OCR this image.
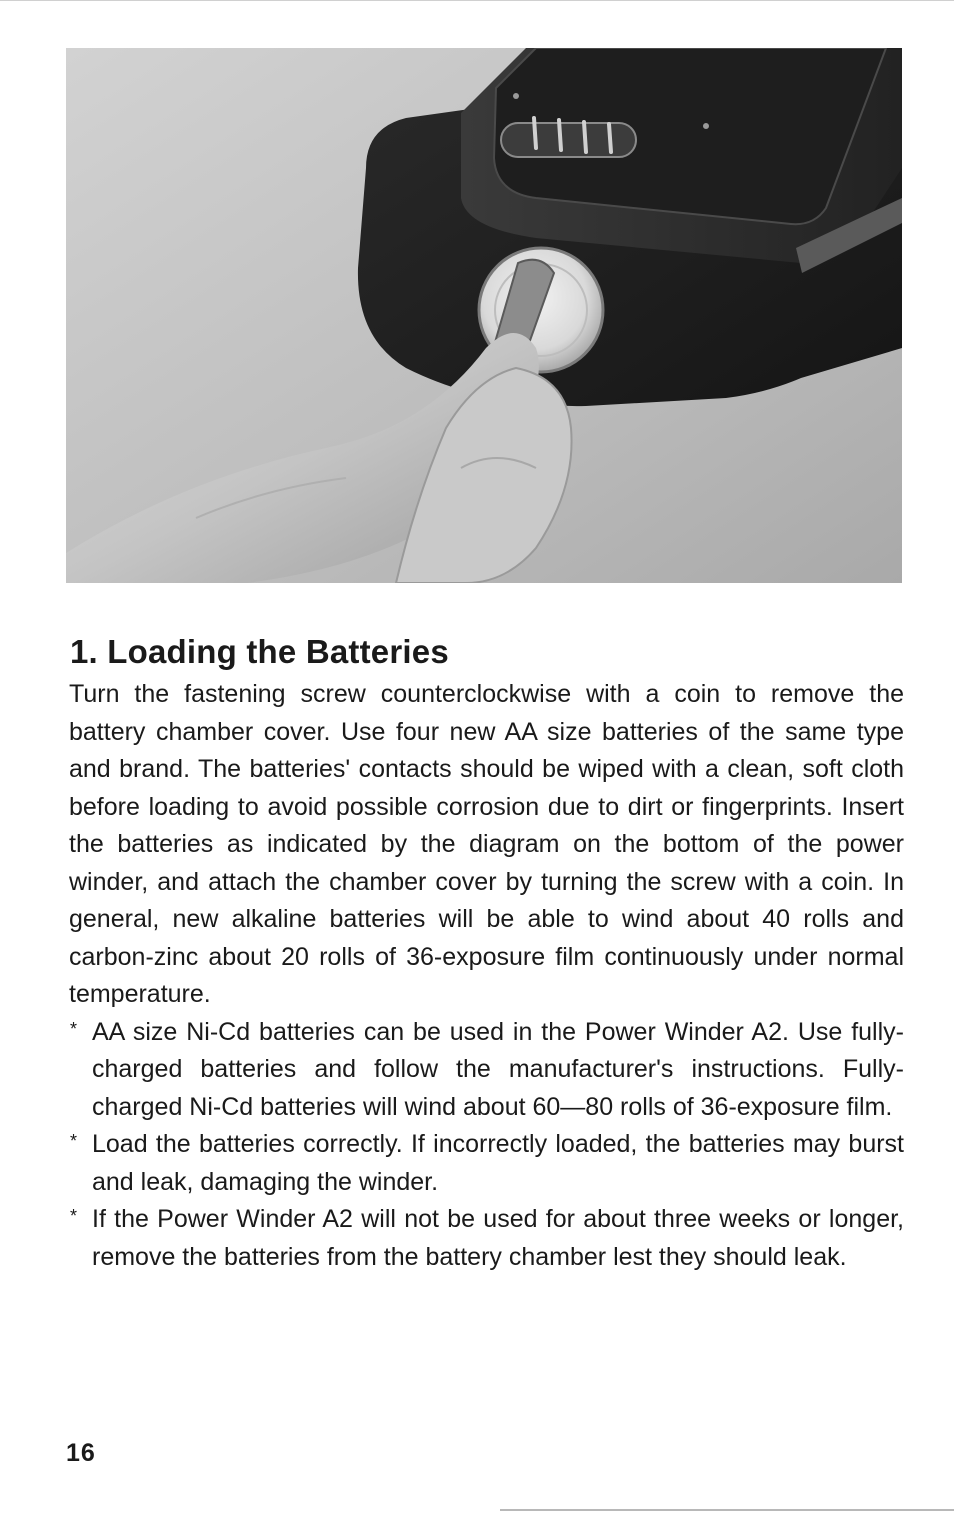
1. Loading the Batteries

Turn the fastening screw counterclockwise with a coin to remove the battery chamber cover. Use four new AA size batteries of the same type and brand. The batteries' contacts should be wiped with a clean, soft cloth before loading to avoid possible corrosion due to dirt or fingerprints. Insert the batteries as indicated by the diagram on the bottom of the power winder, and attach the chamber cover by turning the screw with a coin. In general, new alkaline batteries will be able to wind about 40 rolls and carbon-zinc about 20 rolls of 36-exposure film continuously under normal temperature.

* AA size Ni-Cd batteries can be used in the Power Winder A2. Use fully-charged batteries and follow the manufacturer's instructions. Fully-charged Ni-Cd batteries will wind about 60—80 rolls of 36-exposure film.
* Load the batteries correctly. If incorrectly loaded, the batteries may burst and leak, damaging the winder.
* If the Power Winder A2 will not be used for about three weeks or longer, remove the batteries from the battery chamber lest they should leak.
16
